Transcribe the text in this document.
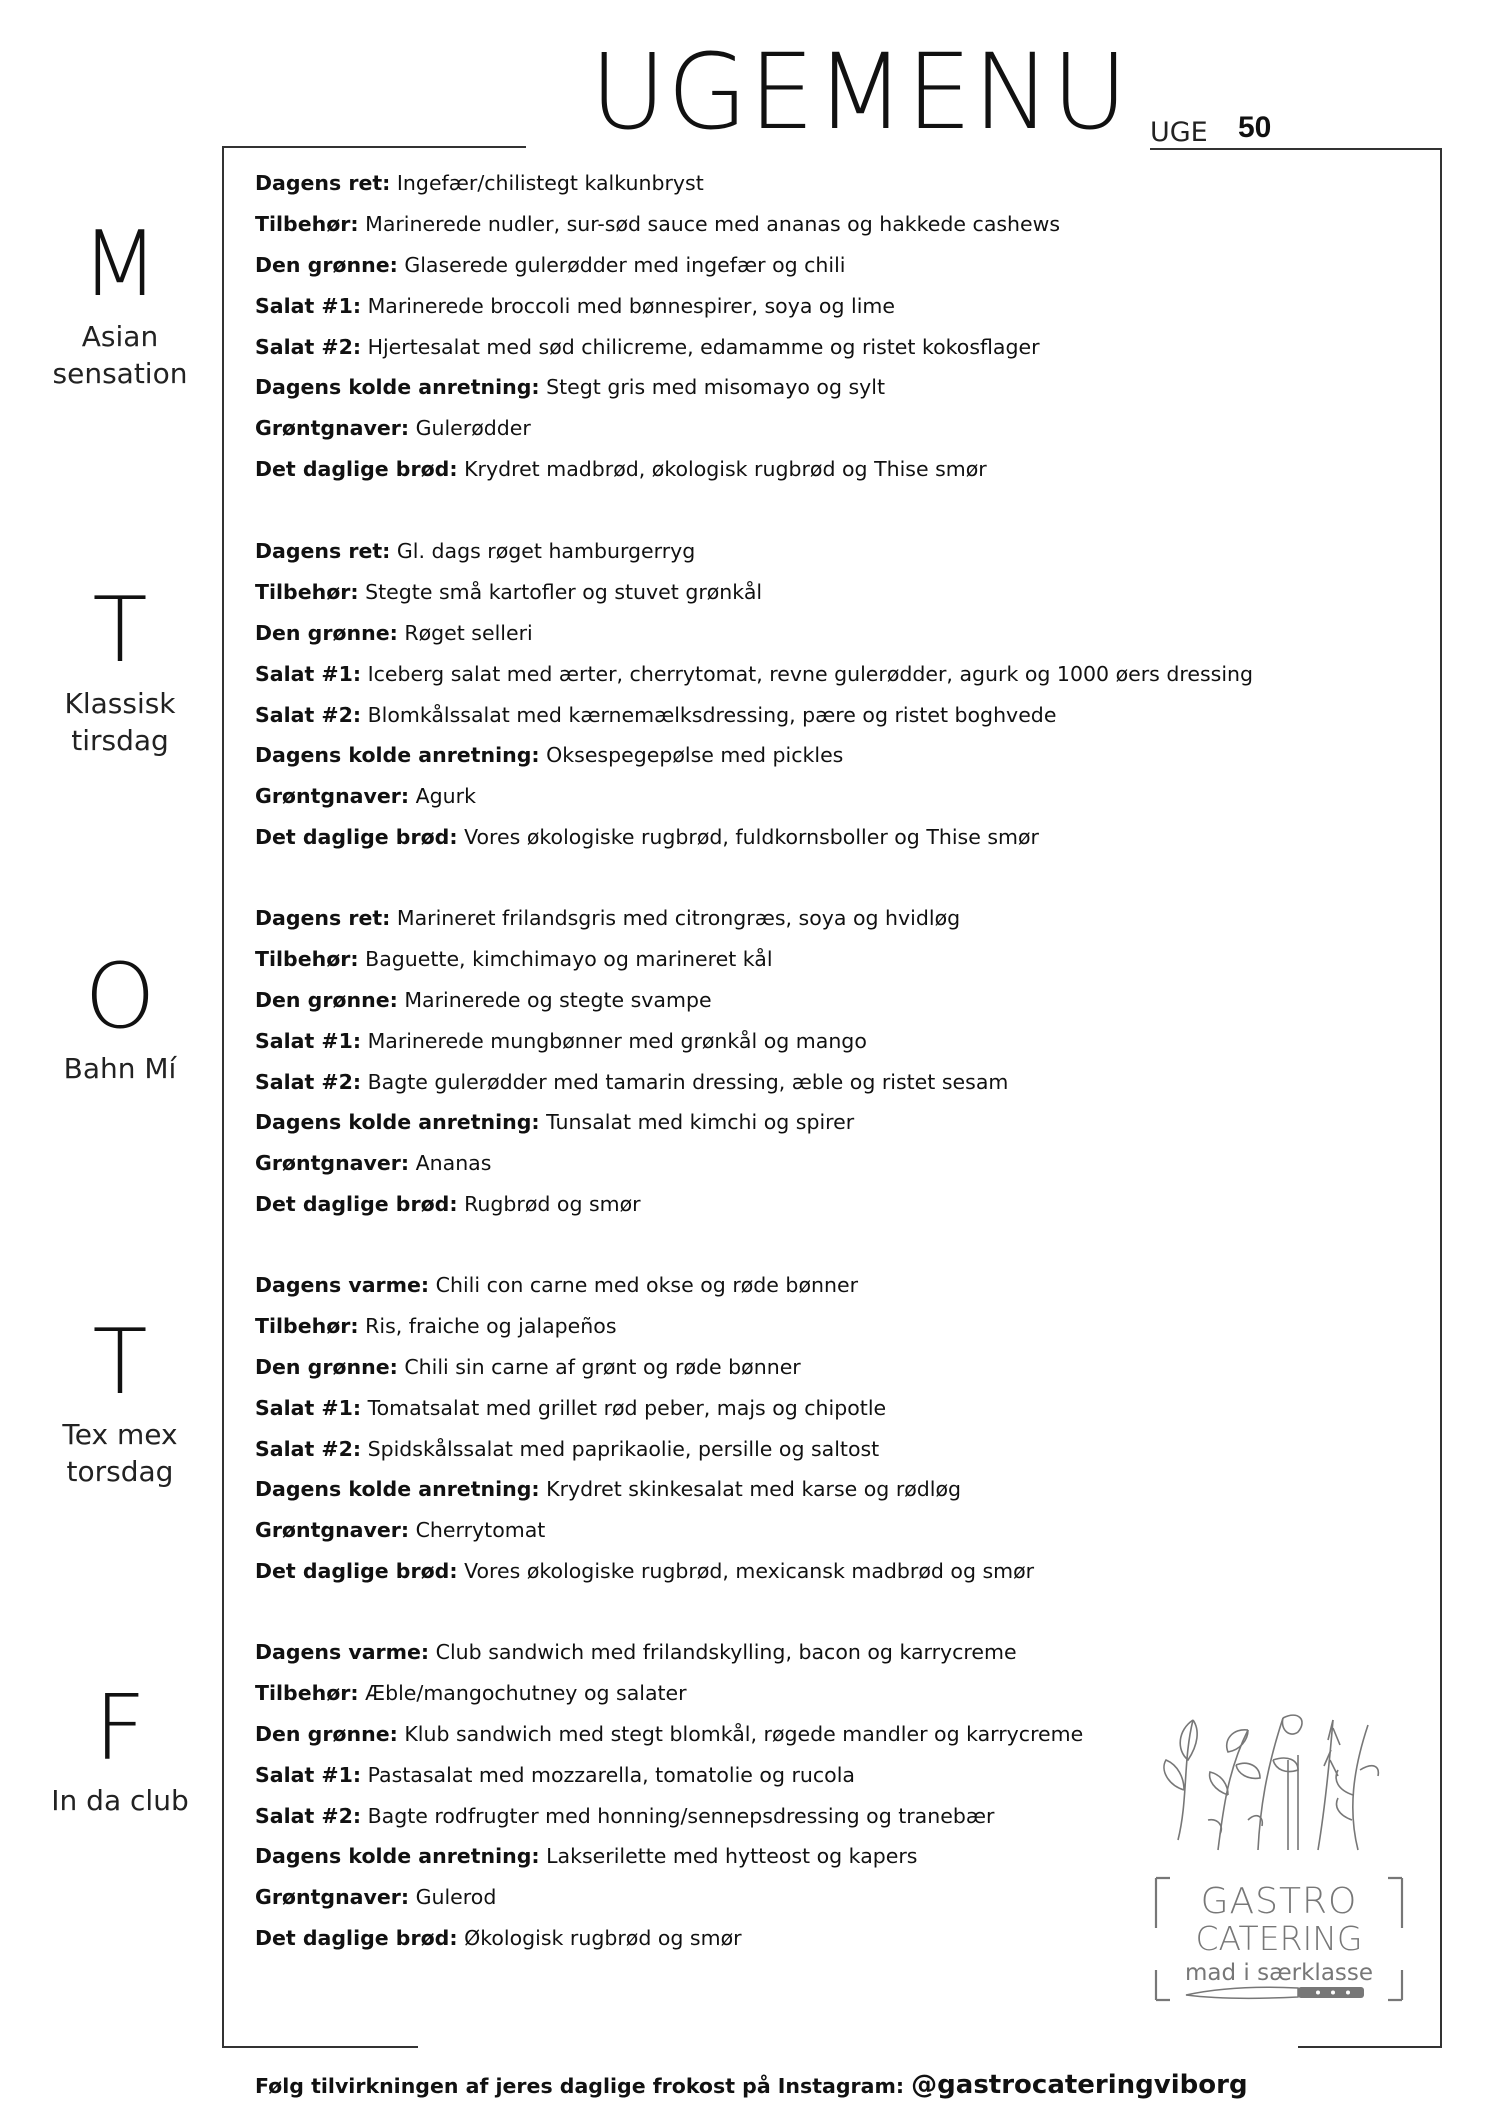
UGEMENU UGE 50
M
Asian
sensation
Dagens ret: Ingefær/chilistegt kalkunbryst
Tilbehør: Marinerede nudler, sur-sød sauce med ananas og hakkede cashews
Den grønne: Glaserede gulerødder med ingefær og chili
Salat #1: Marinerede broccoli med bønnespirer, soya og lime
Salat #2: Hjertesalat med sød chilicreme, edamamme og ristet kokosflager
Dagens kolde anretning: Stegt gris med misomayo og sylt
Grøntgnaver: Gulerødder
Det daglige brød: Krydret madbrød, økologisk rugbrød og Thise smør
T
Klassisk
tirsdag
Dagens ret: Gl. dags røget hamburgerryg
Tilbehør: Stegte små kartofler og stuvet grønkål
Den grønne: Røget selleri
Salat #1: Iceberg salat med ærter, cherrytomat, revne gulerødder, agurk og 1000 øers dressing
Salat #2: Blomkålssalat med kærnemælksdressing, pære og ristet boghvede
Dagens kolde anretning: Oksespegepølse med pickles
Grøntgnaver: Agurk
Det daglige brød: Vores økologiske rugbrød, fuldkornsboller og Thise smør
O
Bahn Mí
Dagens ret: Marineret frilandsgris med citrongræs, soya og hvidløg
Tilbehør: Baguette, kimchimayo og marineret kål
Den grønne: Marinerede og stegte svampe
Salat #1: Marinerede mungbønner med grønkål og mango
Salat #2: Bagte gulerødder med tamarin dressing, æble og ristet sesam
Dagens kolde anretning: Tunsalat med kimchi og spirer
Grøntgnaver: Ananas
Det daglige brød: Rugbrød og smør
T
Tex mex
torsdag
Dagens varme: Chili con carne med okse og røde bønner
Tilbehør: Ris, fraiche og jalapeños
Den grønne: Chili sin carne af grønt og røde bønner
Salat #1: Tomatsalat med grillet rød peber, majs og chipotle
Salat #2: Spidskålssalat med paprikaolie, persille og saltost
Dagens kolde anretning: Krydret skinkesalat med karse og rødløg
Grøntgnaver: Cherrytomat
Det daglige brød: Vores økologiske rugbrød, mexicansk madbrød og smør
F
In da club
Dagens varme: Club sandwich med frilandskylling, bacon og karrycreme
Tilbehør: Æble/mangochutney og salater
Den grønne: Klub sandwich med stegt blomkål, røgede mandler og karrycreme
Salat #1: Pastasalat med mozzarella, tomatolie og rucola
Salat #2: Bagte rodfrugter med honning/sennepsdressing og tranebær
Dagens kolde anretning: Lakserilette med hytteost og kapers
Grøntgnaver: Gulerod
Det daglige brød: Økologisk rugbrød og smør
GASTRO
CATERING
mad i særklasse
Følg tilvirkningen af jeres daglige frokost på Instagram: @gastrocateringviborg
